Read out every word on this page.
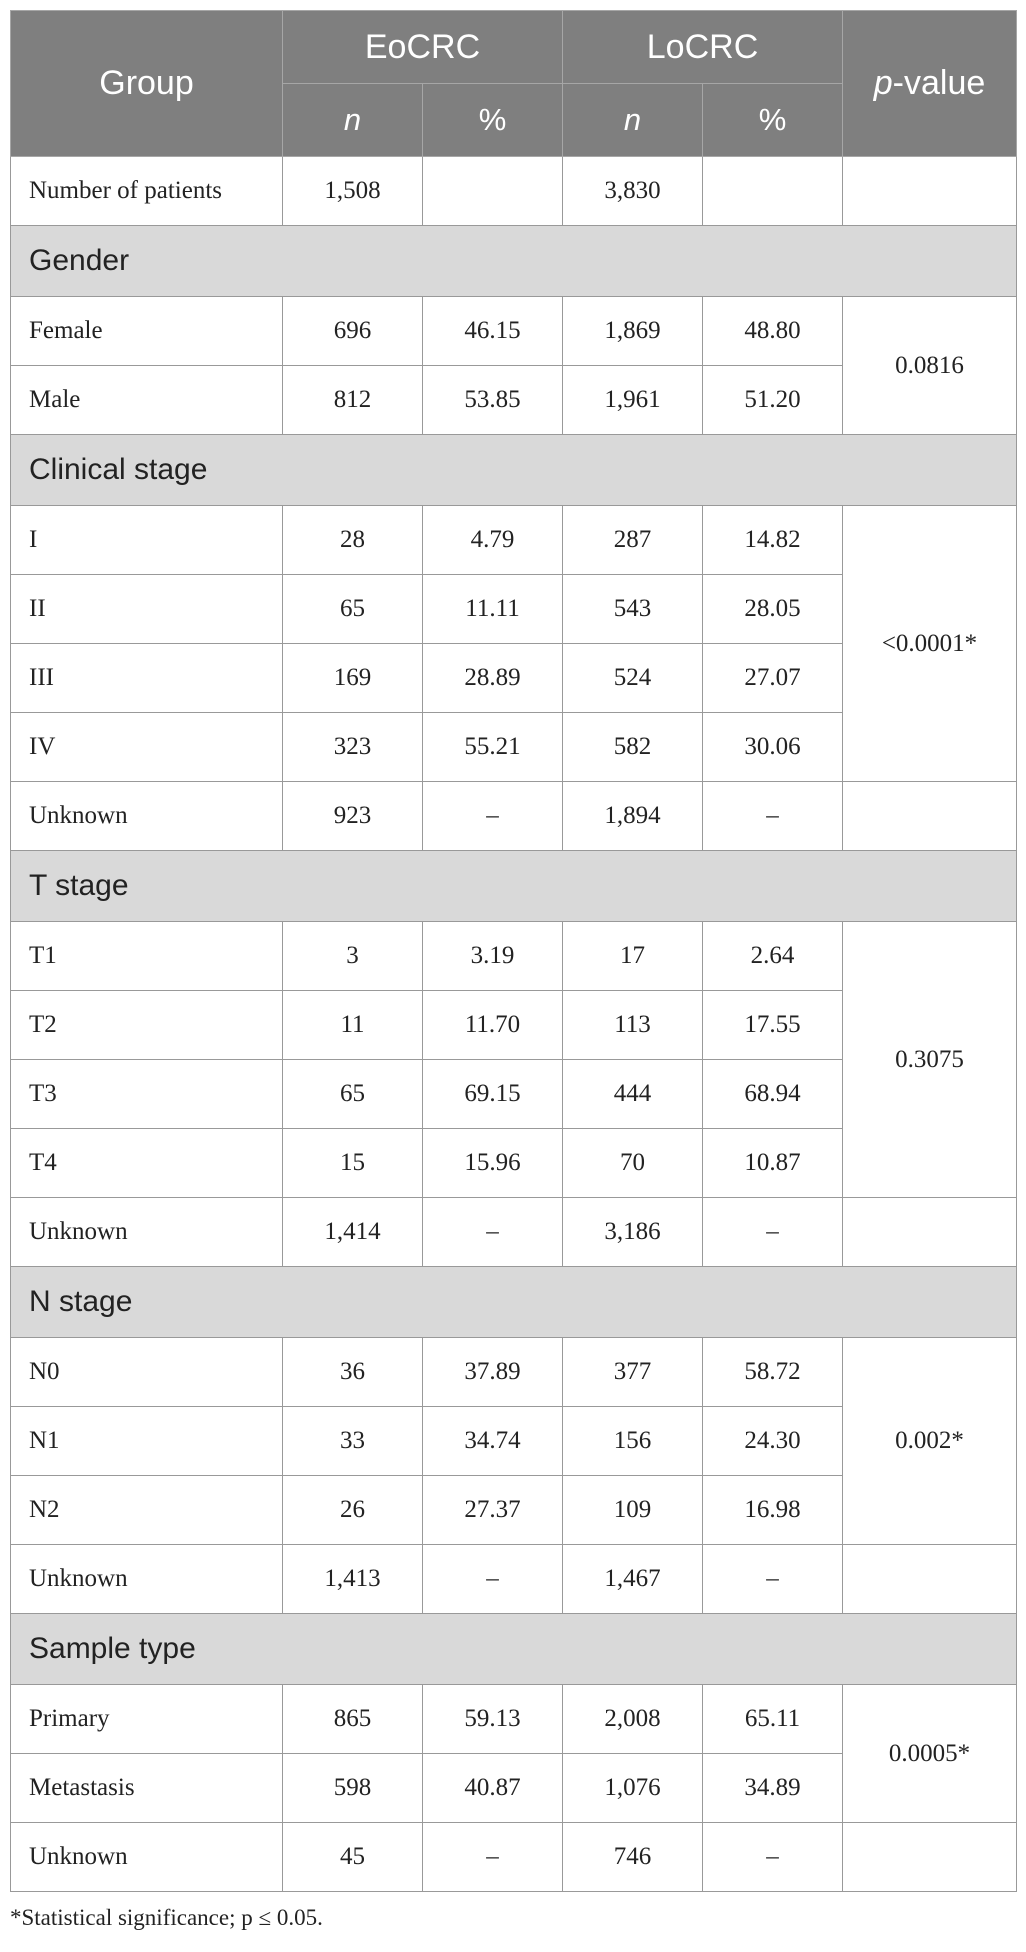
Group	EoCRC		LoCRC		p-value
	n	%	n	%	
Number of patients	1,508		3,830		
Gender					
Female	696	46.15	1,869	48.80	0.0816
Male	812	53.85	1,961	51.20	
Clinical stage					
I	28	4.79	287	14.82	<0.0001*
II	65	11.11	543	28.05	
III	169	28.89	524	27.07	
IV	323	55.21	582	30.06	
Unknown	923	–	1,894	–	
T stage					
T1	3	3.19	17	2.64	0.3075
T2	11	11.70	113	17.55	
T3	65	69.15	444	68.94	
T4	15	15.96	70	10.87	
Unknown	1,414	–	3,186	–	
N stage					
N0	36	37.89	377	58.72	0.002*
N1	33	34.74	156	24.30	
N2	26	27.37	109	16.98	
Unknown	1,413	–	1,467	–	
Sample type					
Primary	865	59.13	2,008	65.11	0.0005*
Metastasis	598	40.87	1,076	34.89	
Unknown	45	–	746	–	
*Statistical significance; p ≤ 0.05.
